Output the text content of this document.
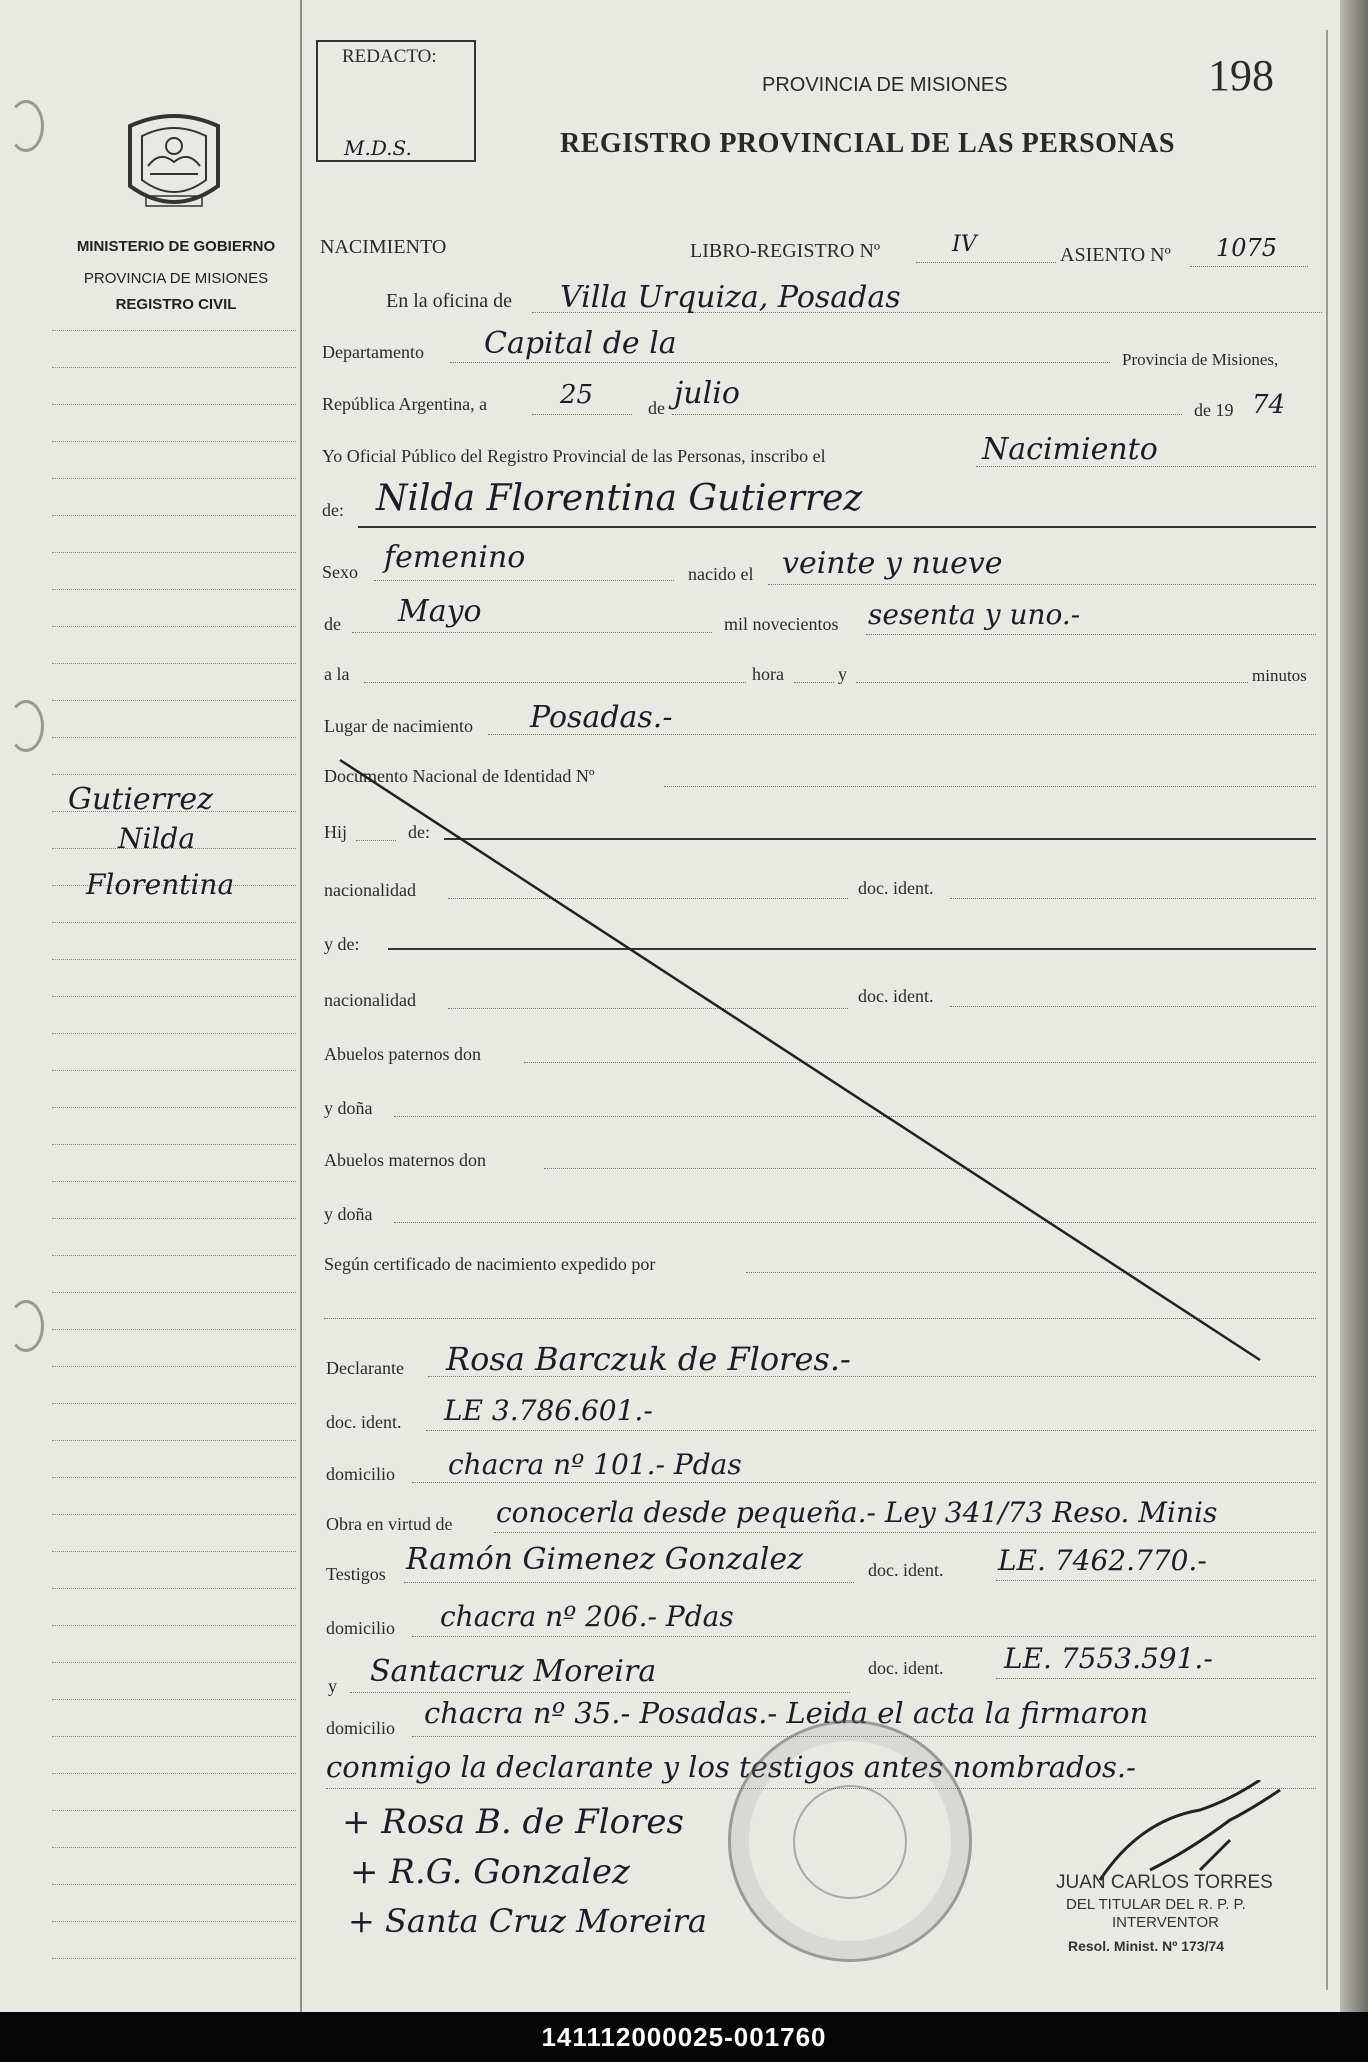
MINISTERIO DE GOBIERNO
PROVINCIA DE MISIONES
REGISTRO CIVIL
Gutierrez
Nilda
Florentina
REDACTO:
M.D.S.
PROVINCIA DE MISIONES	198
REGISTRO PROVINCIAL DE LAS PERSONAS
NACIMIENTO	LIBRO-REGISTRO Nº	IV	ASIENTO Nº 1075
En la oficina de Villa Urquiza, Posadas
Departamento Capital de la	Provincia de Misiones,
República Argentina, a	25	de julio	de 19 74
Yo Oficial Público del Registro Provincial de las Personas, inscribo el	Nacimiento
de: Nilda Florentina Gutierrez
Sexo femenino	nacido el veinte y nueve
de Mayo	mil novecientos sesenta y uno.-
a la	hora	y	minutos
Lugar de nacimiento Posadas.-
Documento Nacional de Identidad Nº
Hij	de:
nacionalidad	doc. ident.
y de:
nacionalidad	doc. ident.
Abuelos paternos don
y doña
Abuelos maternos don
y doña
Según certificado de nacimiento expedido por
Declarante Rosa Barczuk de Flores.-
doc. ident. LE 3.786.601.-
domicilio chacra nº 101.- Pdas
Obra en virtud de conocerla desde pequeña.- Ley 341/73 Reso. Minis
Testigos Ramón Gimenez Gonzalez	doc. ident. LE. 7462.770.-
domicilio chacra nº 206.- Pdas
y Santacruz Moreira	doc. ident. LE. 7553.591.-
domicilio chacra nº 35.- Posadas.- Leida el acta la firmaron
conmigo la declarante y los testigos antes nombrados.-
+ Rosa B. de Flores
+ R.G. Gonzalez
+ Santa Cruz Moreira
JUAN CARLOS TORRES
DEL TITULAR DEL R. P. P.
INTERVENTOR
Resol. Minist. Nº 173/74
141112000025-001760
